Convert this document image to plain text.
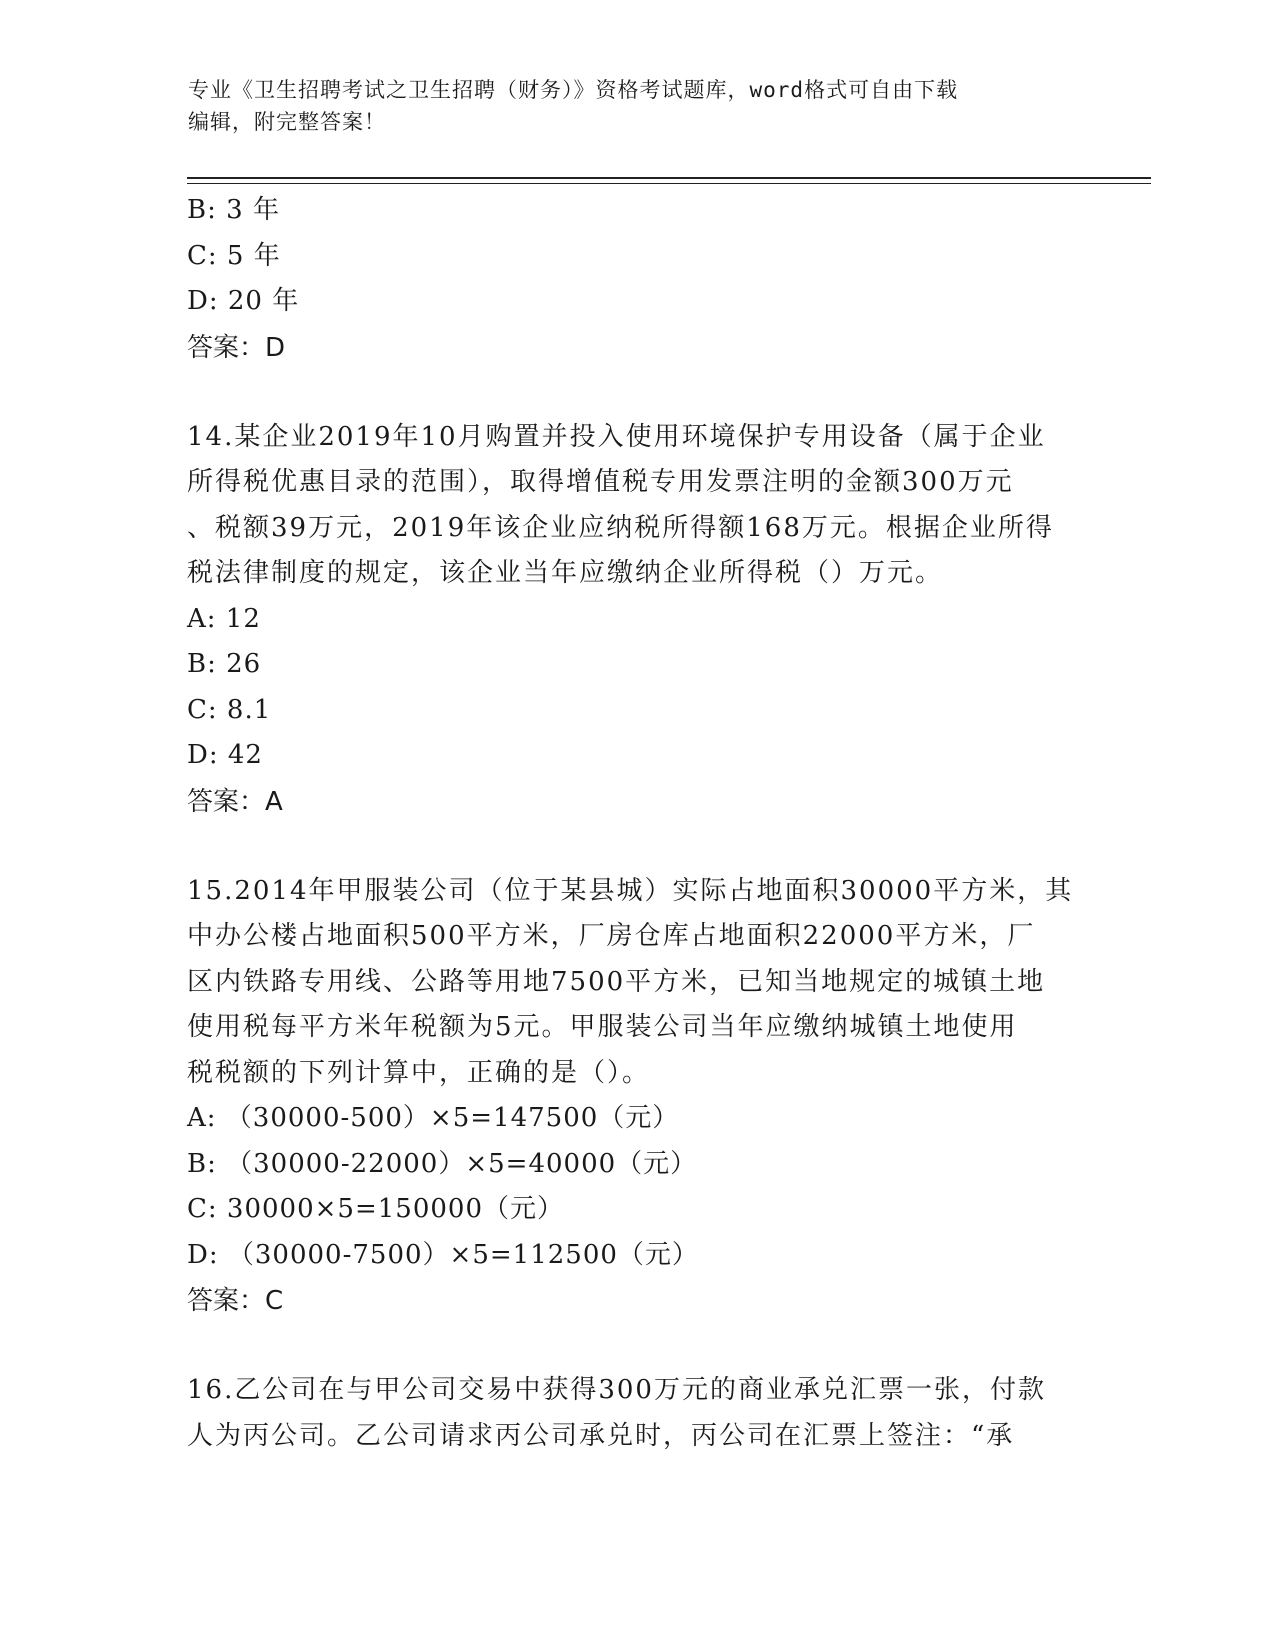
专业《卫生招聘考试之卫生招聘（财务）》资格考试题库，word格式可自由下载
编辑，附完整答案！
B: 3 年
C: 5 年
D: 20 年
答案：D
14.某企业2019年10月购置并投入使用环境保护专用设备（属于企业
所得税优惠目录的范围），取得增值税专用发票注明的金额300万元
、税额39万元，2019年该企业应纳税所得额168万元。根据企业所得
税法律制度的规定，该企业当年应缴纳企业所得税（）万元。
A: 12
B: 26
C: 8.1
D: 42
答案：A
15.2014年甲服装公司（位于某县城）实际占地面积30000平方米，其
中办公楼占地面积500平方米，厂房仓库占地面积22000平方米，厂
区内铁路专用线、公路等用地7500平方米，已知当地规定的城镇土地
使用税每平方米年税额为5元。甲服装公司当年应缴纳城镇土地使用
税税额的下列计算中，正确的是（）。
A: （30000-500）×5=147500（元）
B: （30000-22000）×5=40000（元）
C: 30000×5=150000（元）
D: （30000-7500）×5=112500（元）
答案：C
16.乙公司在与甲公司交易中获得300万元的商业承兑汇票一张，付款
人为丙公司。乙公司请求丙公司承兑时，丙公司在汇票上签注：“承
